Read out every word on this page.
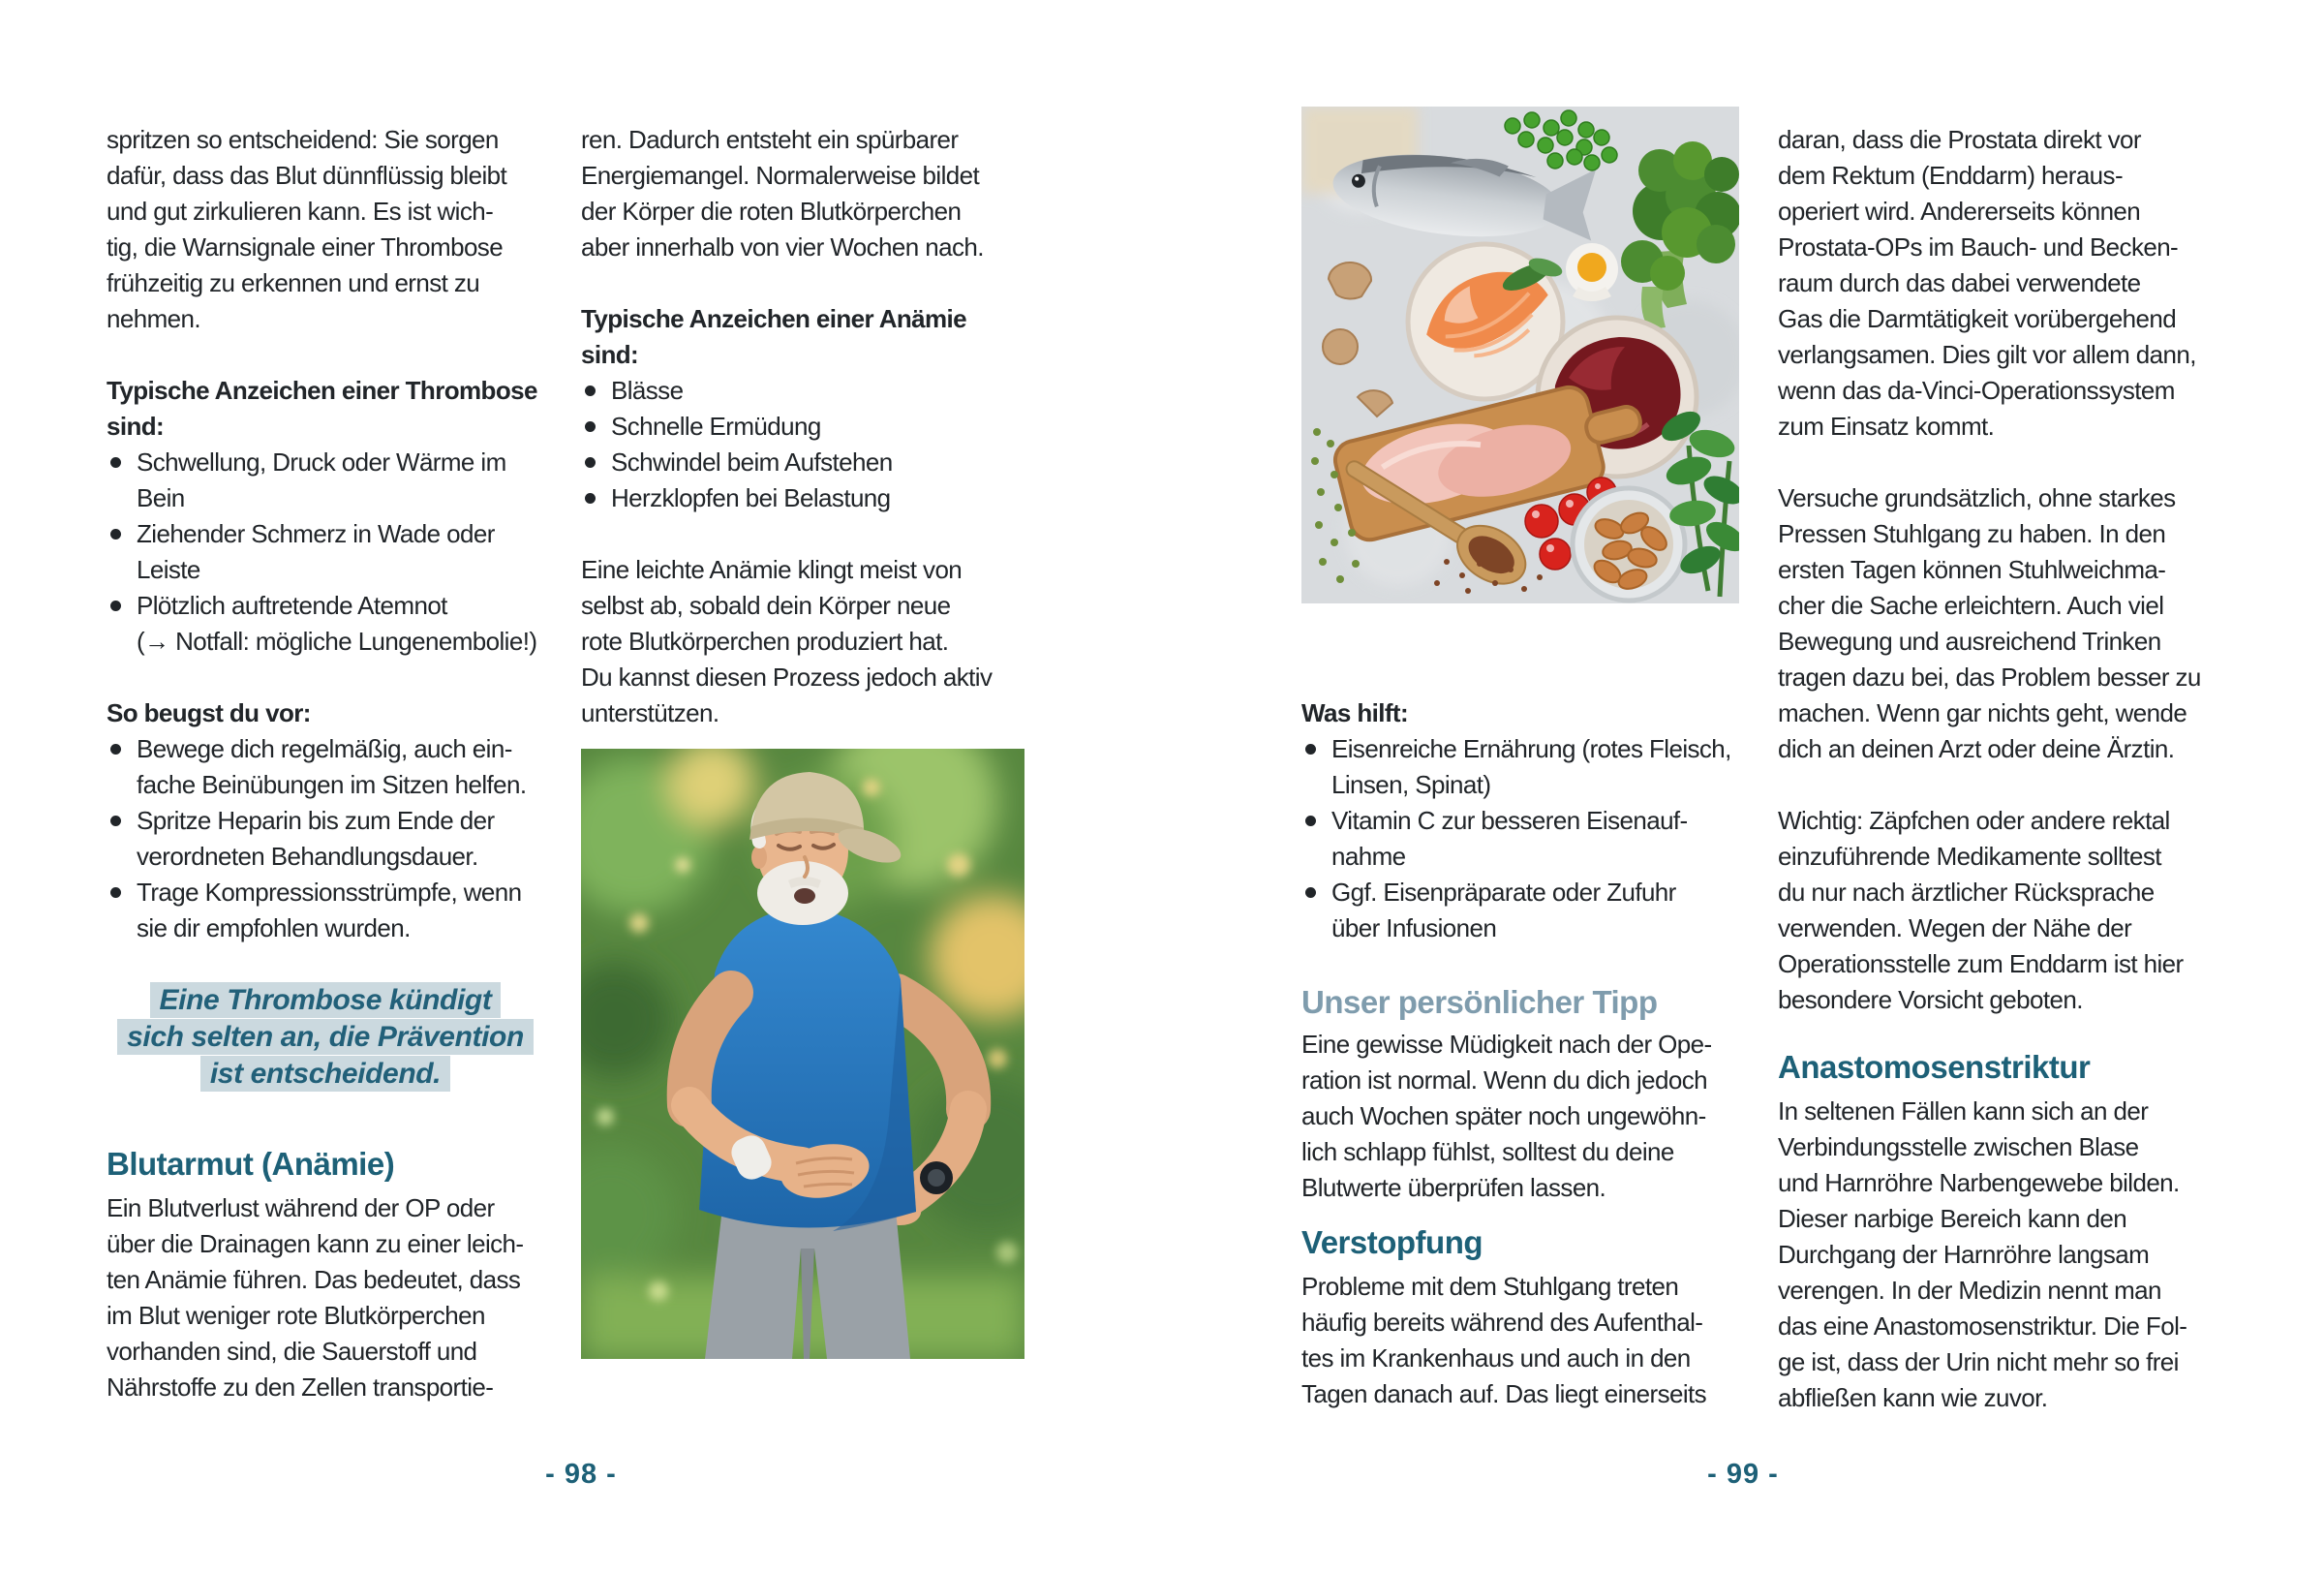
spritzen so entscheidend: Sie sorgen
dafür, dass das Blut dünnflüssig bleibt
und gut zirkulieren kann. Es ist wich-
tig, die Warnsignale einer Thrombose
frühzeitig zu erkennen und ernst zu
nehmen.
Typische Anzeichen einer Thrombose
sind:
Schwellung, Druck oder Wärme im
Bein
Ziehender Schmerz in Wade oder
Leiste
Plötzlich auftretende Atemnot
(→ Notfall: mögliche Lungenembolie!)
So beugst du vor:
Bewege dich regelmäßig, auch ein-
fache Beinübungen im Sitzen helfen.
Spritze Heparin bis zum Ende der
verordneten Behandlungsdauer.
Trage Kompressionsstrümpfe, wenn
sie dir empfohlen wurden.
Eine Thrombose kündigt
sich selten an, die Prävention
ist entscheidend.
Blutarmut (Anämie)
Ein Blutverlust während der OP oder
über die Drainagen kann zu einer leich-
ten Anämie führen. Das bedeutet, dass
im Blut weniger rote Blutkörperchen
vorhanden sind, die Sauerstoff und
Nährstoffe zu den Zellen transportie-
ren. Dadurch entsteht ein spürbarer
Energiemangel. Normalerweise bildet
der Körper die roten Blutkörperchen
aber innerhalb von vier Wochen nach.
Typische Anzeichen einer Anämie
sind:
Blässe
Schnelle Ermüdung
Schwindel beim Aufstehen
Herzklopfen bei Belastung
Eine leichte Anämie klingt meist von
selbst ab, sobald dein Körper neue
rote Blutkörperchen produziert hat.
Du kannst diesen Prozess jedoch aktiv
unterstützen.
- 98 -
Was hilft:
Eisenreiche Ernährung (rotes Fleisch,
Linsen, Spinat)
Vitamin C zur besseren Eisenauf-
nahme
Ggf. Eisenpräparate oder Zufuhr
über Infusionen
Unser persönlicher Tipp
Eine gewisse Müdigkeit nach der Ope-
ration ist normal. Wenn du dich jedoch
auch Wochen später noch ungewöhn-
lich schlapp fühlst, solltest du deine
Blutwerte überprüfen lassen.
Verstopfung
Probleme mit dem Stuhlgang treten
häufig bereits während des Aufenthal-
tes im Krankenhaus und auch in den
Tagen danach auf. Das liegt einerseits
daran, dass die Prostata direkt vor
dem Rektum (Enddarm) heraus-
operiert wird. Andererseits können
Prostata-OPs im Bauch- und Becken-
raum durch das dabei verwendete
Gas die Darmtätigkeit vorübergehend
verlangsamen. Dies gilt vor allem dann,
wenn das da-Vinci-Operationssystem
zum Einsatz kommt.
Versuche grundsätzlich, ohne starkes
Pressen Stuhlgang zu haben. In den
ersten Tagen können Stuhlweichma-
cher die Sache erleichtern. Auch viel
Bewegung und ausreichend Trinken
tragen dazu bei, das Problem besser zu
machen. Wenn gar nichts geht, wende
dich an deinen Arzt oder deine Ärztin.
Wichtig: Zäpfchen oder andere rektal
einzuführende Medikamente solltest
du nur nach ärztlicher Rücksprache
verwenden. Wegen der Nähe der
Operationsstelle zum Enddarm ist hier
besondere Vorsicht geboten.
Anastomosenstriktur
In seltenen Fällen kann sich an der
Verbindungsstelle zwischen Blase
und Harnröhre Narbengewebe bilden.
Dieser narbige Bereich kann den
Durchgang der Harnröhre langsam
verengen. In der Medizin nennt man
das eine Anastomosenstriktur. Die Fol-
ge ist, dass der Urin nicht mehr so frei
abfließen kann wie zuvor.
- 99 -
